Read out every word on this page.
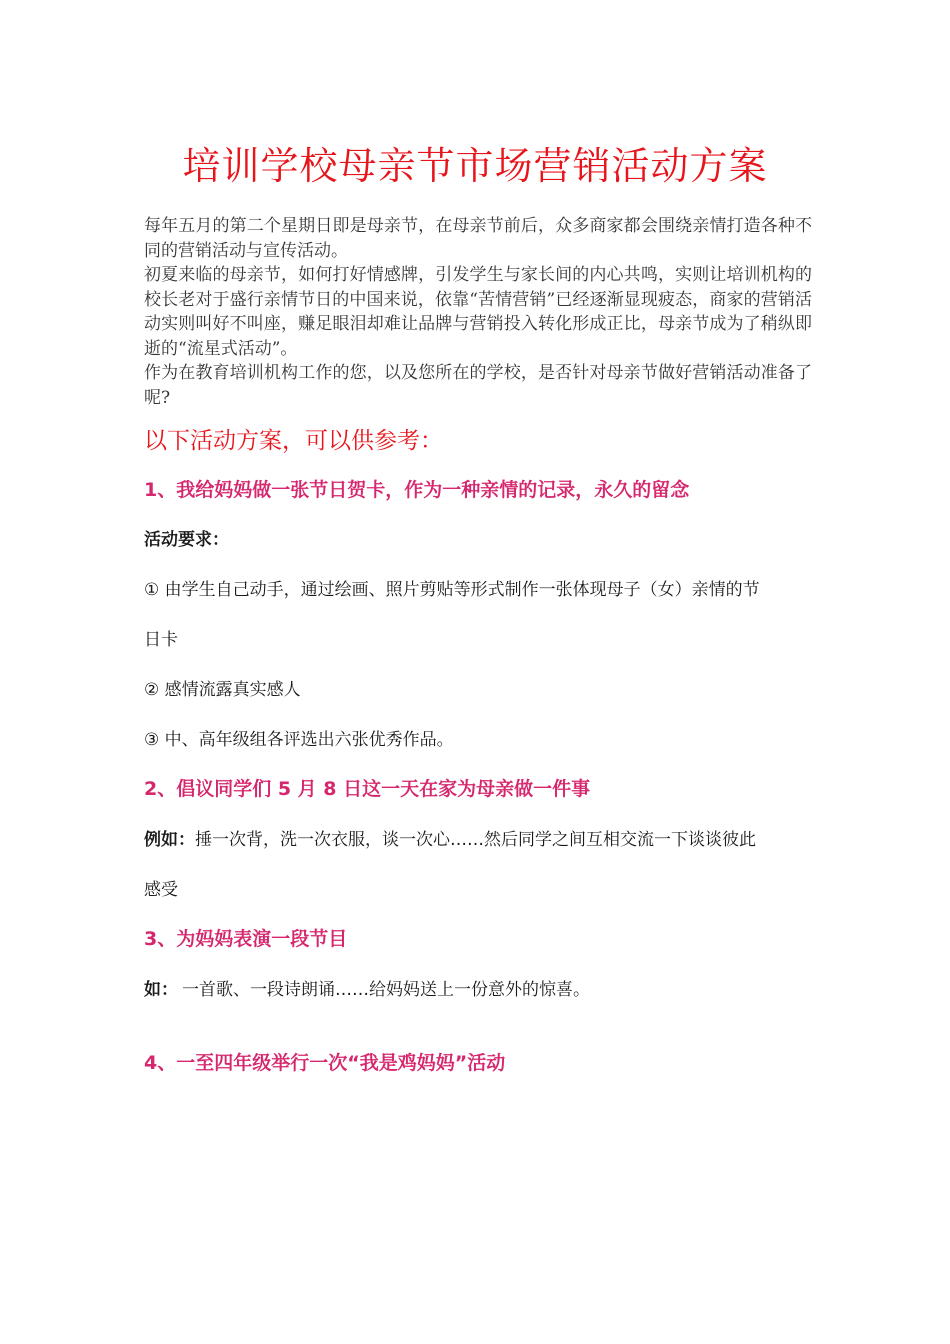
培训学校母亲节市场营销活动方案

每年五月的第二个星期日即是母亲节，在母亲节前后，众多商家都会围绕亲情打造各种不同的营销活动与宣传活动。

初夏来临的母亲节，如何打好情感牌，引发学生与家长间的内心共鸣，实则让培训机构的校长老对于盛行亲情节日的中国来说，依靠“苦情营销”已经逐渐显现疲态，商家的营销活动实则叫好不叫座，赚足眼泪却难让品牌与营销投入转化形成正比，母亲节成为了稍纵即逝的“流星式活动”。

作为在教育培训机构工作的您，以及您所在的学校，是否针对母亲节做好营销活动准备了呢?

以下活动方案，可以供参考：
1、我给妈妈做一张节日贺卡，作为一种亲情的记录，永久的留念
活动要求：
① 由学生自己动手，通过绘画、照片剪贴等形式制作一张体现母子（女）亲情的节
日卡
② 感情流露真实感人
③ 中、高年级组各评选出六张优秀作品。
2、倡议同学们 5 月 8 日这一天在家为母亲做一件事
例如：捶一次背，洗一次衣服，谈一次心……然后同学之间互相交流一下谈谈彼此
感受
3、为妈妈表演一段节目
如： 一首歌、一段诗朗诵……给妈妈送上一份意外的惊喜。
4、一至四年级举行一次“我是鸡妈妈”活动
